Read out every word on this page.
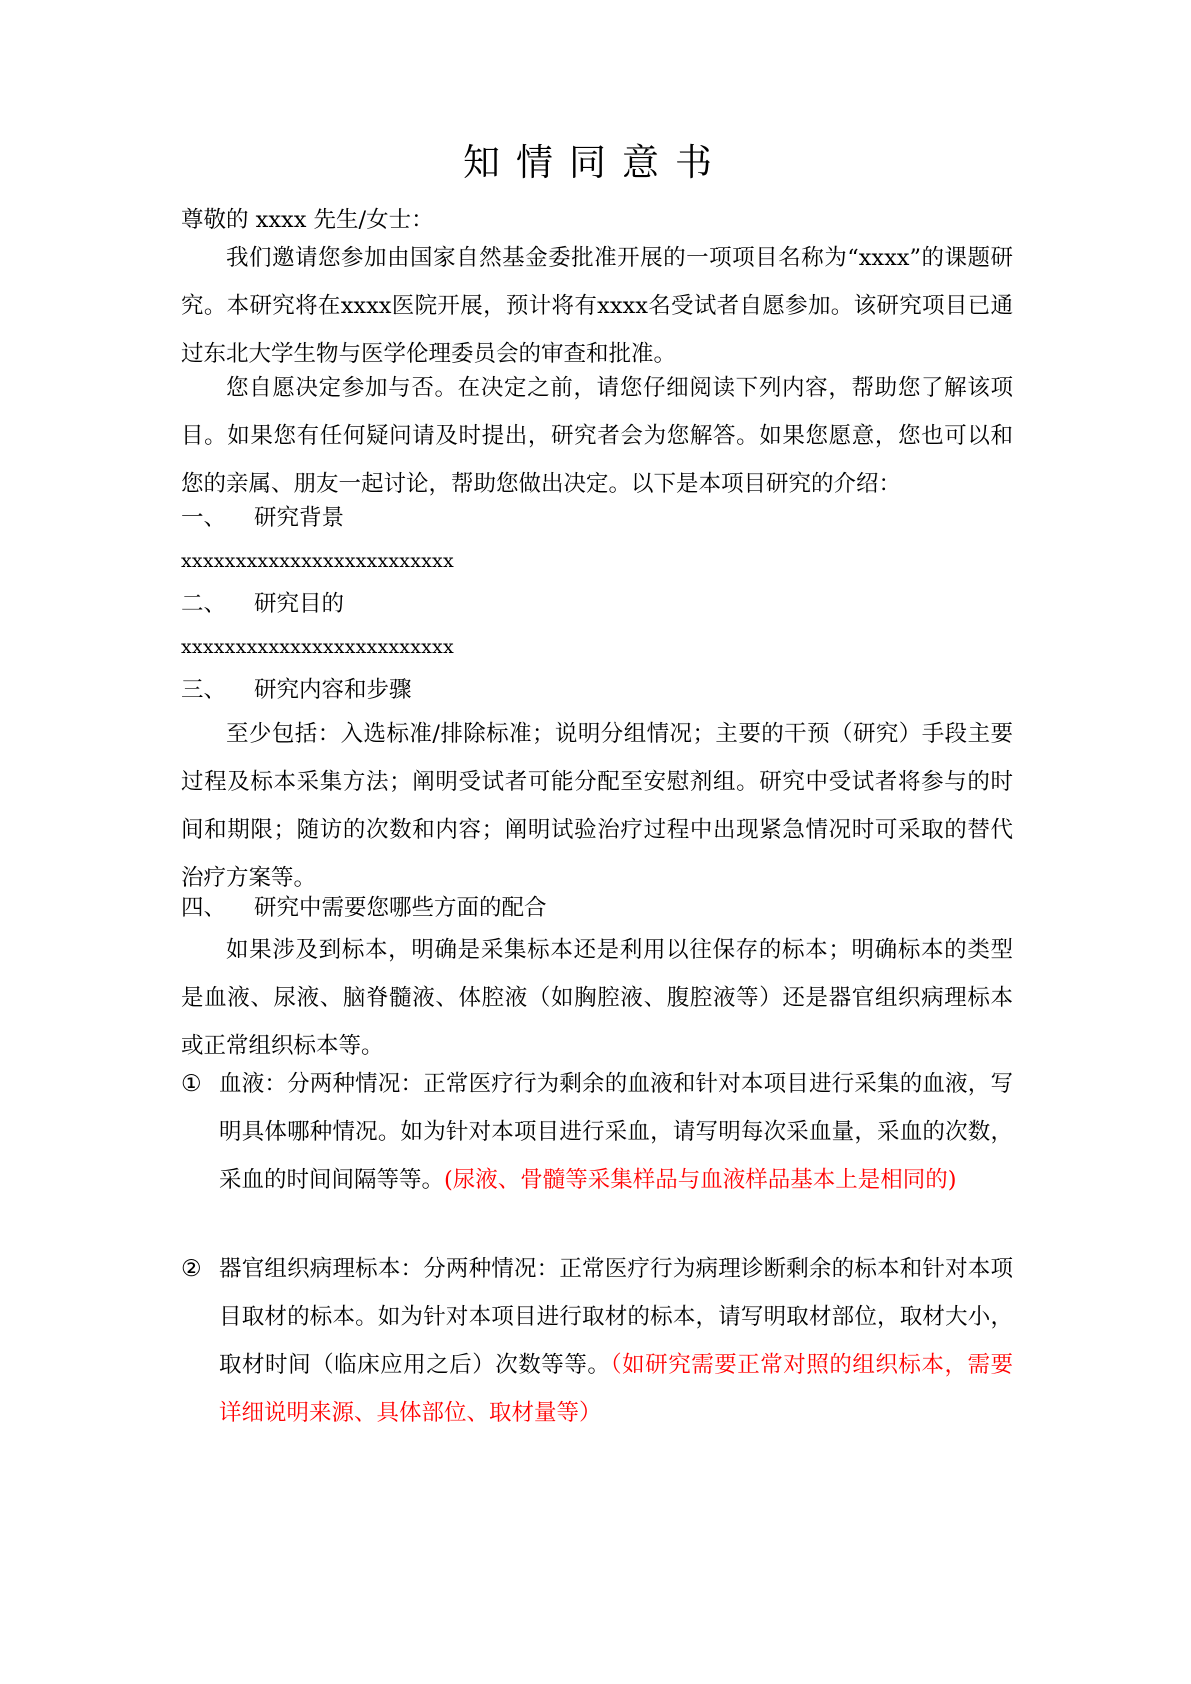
知情同意书
尊敬的 xxxx 先生/女士：

我们邀请您参加由国家自然基金委批准开展的一项项目名称为“xxxx”的课题研究。本研究将在xxxx医院开展，预计将有xxxx名受试者自愿参加。该研究项目已通过东北大学生物与医学伦理委员会的审查和批准。

您自愿决定参加与否。在决定之前，请您仔细阅读下列内容，帮助您了解该项目。如果您有任何疑问请及时提出，研究者会为您解答。如果您愿意，您也可以和您的亲属、朋友一起讨论，帮助您做出决定。以下是本项目研究的介绍：

一、 研究背景
xxxxxxxxxxxxxxxxxxxxxxxxx
二、 研究目的
xxxxxxxxxxxxxxxxxxxxxxxxx
三、 研究内容和步骤

至少包括：入选标准/排除标准；说明分组情况；主要的干预（研究）手段主要过程及标本采集方法；阐明受试者可能分配至安慰剂组。研究中受试者将参与的时间和期限；随访的次数和内容；阐明试验治疗过程中出现紧急情况时可采取的替代治疗方案等。

四、 研究中需要您哪些方面的配合

如果涉及到标本，明确是采集标本还是利用以往保存的标本；明确标本的类型是血液、尿液、脑脊髓液、体腔液（如胸腔液、腹腔液等）还是器官组织病理标本或正常组织标本等。

① 血液：分两种情况：正常医疗行为剩余的血液和针对本项目进行采集的血液，写明具体哪种情况。如为针对本项目进行采血，请写明每次采血量，采血的次数，采血的时间间隔等等。(尿液、骨髓等采集样品与血液样品基本上是相同的)
② 器官组织病理标本：分两种情况：正常医疗行为病理诊断剩余的标本和针对本项目取材的标本。如为针对本项目进行取材的标本，请写明取材部位，取材大小，取材时间（临床应用之后）次数等等。（如研究需要正常对照的组织标本，需要详细说明来源、具体部位、取材量等）
